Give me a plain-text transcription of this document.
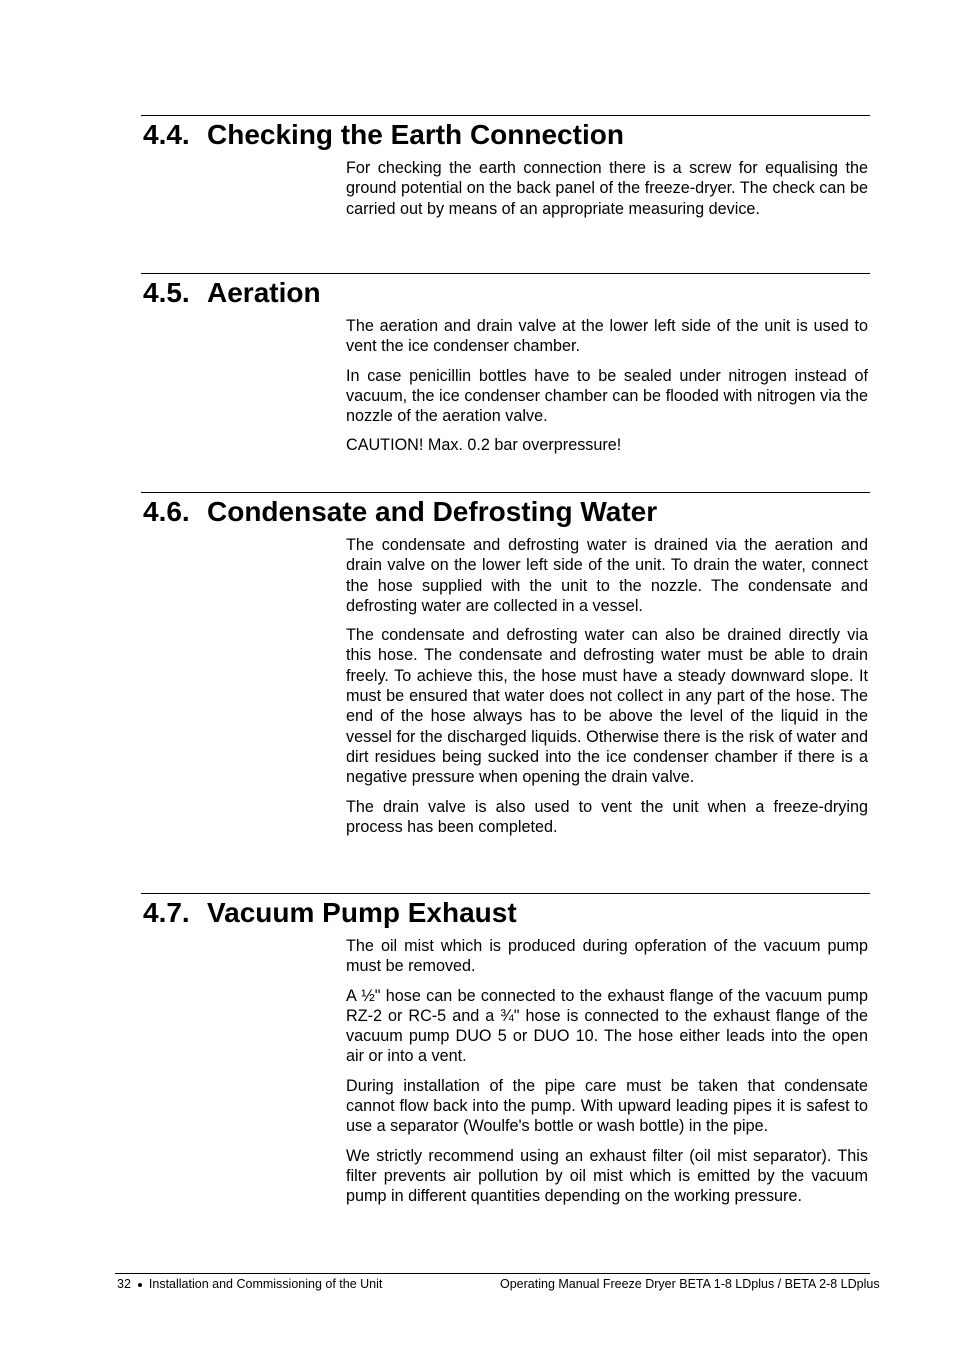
4.4. Checking the Earth Connection

For checking the earth connection there is a screw for equalising the ground potential on the back panel of the freeze-dryer. The check can be carried out by means of an appropriate measuring device.

4.5. Aeration

The aeration and drain valve at the lower left side of the unit is used to vent the ice condenser chamber.

In case penicillin bottles have to be sealed under nitrogen instead of vacuum, the ice condenser chamber can be flooded with nitrogen via the nozzle of the aeration valve.

CAUTION! Max. 0.2 bar overpressure!

4.6. Condensate and Defrosting Water

The condensate and defrosting water is drained via the aeration and drain valve on the lower left side of the unit. To drain the water, connect the hose supplied with the unit to the nozzle. The condensate and defrosting water are collected in a vessel.

The condensate and defrosting water can also be drained directly via this hose. The condensate and defrosting water must be able to drain freely. To achieve this, the hose must have a steady downward slope. It must be ensured that water does not collect in any part of the hose. The end of the hose always has to be above the level of the liquid in the vessel for the discharged liquids. Otherwise there is the risk of water and dirt residues being sucked into the ice condenser chamber if there is a negative pressure when opening the drain valve.

The drain valve is also used to vent the unit when a freeze-drying process has been completed.

4.7. Vacuum Pump Exhaust

The oil mist which is produced during opferation of the vacuum pump must be removed.

A ½" hose can be connected to the exhaust flange of the vacuum pump RZ-2 or RC-5 and a ¾" hose is connected to the exhaust flange of the vacuum pump DUO 5 or DUO 10. The hose either leads into the open air or into a vent.

During installation of the pipe care must be taken that condensate cannot flow back into the pump. With upward leading pipes it is safest to use a separator (Woulfe's bottle or wash bottle) in the pipe.

We strictly recommend using an exhaust filter (oil mist separator). This filter prevents air pollution by oil mist which is emitted by the vacuum pump in different quantities depending on the working pressure.

32 Installation and Commissioning of the Unit	Operating Manual Freeze Dryer BETA 1-8 LDplus / BETA 2-8 LDplus
